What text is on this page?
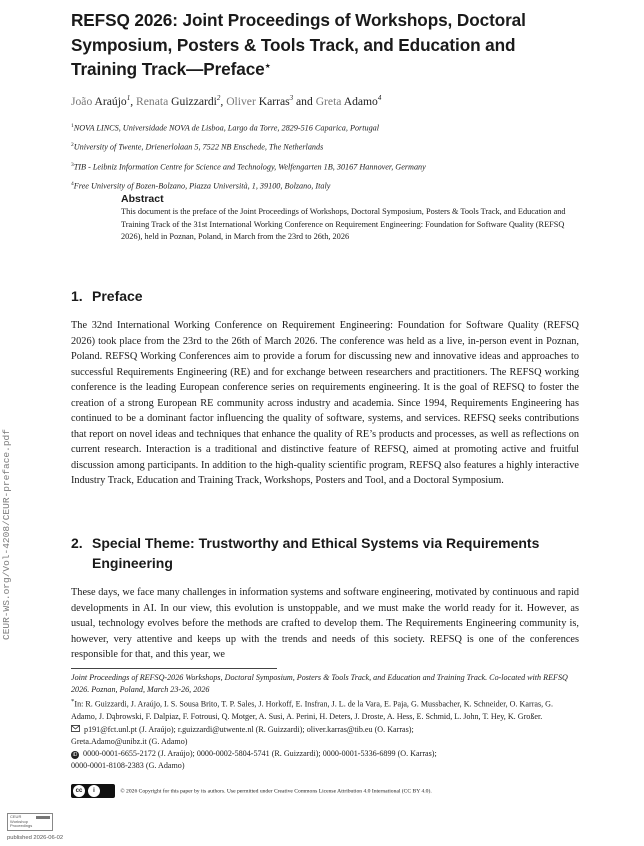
REFSQ 2026: Joint Proceedings of Workshops, Doctoral
Symposium, Posters & Tools Track, and Education and
Training Track—Preface⋆
João Araújo$^1$, Renata Guizzardi$^2$, Oliver Karras$^3$ and Greta Adamo$^4$
$^1$NOVA LINCS, Universidade NOVA de Lisboa, Largo da Torre, 2829-516 Caparica, Portugal
$^2$University of Twente, Drienerlolaan 5, 7522 NB Enschede, The Netherlands
$^3$TIB - Leibniz Information Centre for Science and Technology, Welfengarten 1B, 30167 Hannover, Germany
$^4$Free University of Bozen-Bolzano, Piazza Università, 1, 39100, Bolzano, Italy
Abstract

This document is the preface of the Joint Proceedings of Workshops, Doctoral Symposium, Posters & Tools Track, and Education and Training Track of the 31st International Working Conference on Requirement Engineering: Foundation for Software Quality (REFSQ 2026), held in Poznan, Poland, in March from the 23rd to 26th, 2026

1. Preface

The 32nd International Working Conference on Requirement Engineering: Foundation for Software Quality (REFSQ 2026) took place from the 23rd to the 26th of March 2026. The conference was held as a live, in-person event in Poznan, Poland. REFSQ Working Conferences aim to provide a forum for discussing new and innovative ideas and approaches to successful Requirements Engineering (RE) and for exchange between researchers and practitioners. The REFSQ working conference is the leading European conference series on requirements engineering. It is the goal of REFSQ to foster the creation of a strong European RE community across industry and academia. Since 1994, Requirements Engineering has continued to be a dominant factor influencing the quality of software, systems, and services. REFSQ seeks contributions that report on novel ideas and techniques that enhance the quality of RE’s products and processes, as well as reflections on current research. Interaction is a traditional and distinctive feature of REFSQ, aimed at promoting active and fruitful discussion among participants. In addition to the high-quality scientific program, REFSQ also features a highly interactive Industry Track, Education and Training Track, Workshops, Posters and Tool, and a Doctoral Symposium.

2. Special Theme: Trustworthy and Ethical Systems via Requirements Engineering

These days, we face many challenges in information systems and software engineering, motivated by continuous and rapid developments in AI. In our view, this evolution is unstoppable, and we must make the world ready for it. However, as usual, technology evolves before the methods are crafted to develop them. The Requirements Engineering community is, however, very attentive and keeps up with the trends and needs of this society. REFSQ is one of the conferences responsible for that, and this year, we

Joint Proceedings of REFSQ-2026 Workshops, Doctoral Symposium, Posters & Tools Track, and Education and Training Track. Co-located with REFSQ 2026. Poznan, Poland, March 23-26, 2026
*In: R. Guizzardi, J. Araújo, I. S. Sousa Brito, T. P. Sales, J. Horkoff, E. Insfran, J. L. de la Vara, E. Paja, G. Mussbacher, K. Schneider, O. Karras, G. Adamo, J. Dąbrowski, F. Dalpiaz, F. Fotrousi, Q. Motger, A. Susi, A. Perini, H. Deters, J. Droste, A. Hess, E. Schmid, L. John, T. Hey, K. Großer.
p191@fct.unl.pt (J. Araújo); r.guizzardi@utwente.nl (R. Guizzardi); oliver.karras@tib.eu (O. Karras);
Greta.Adamo@unibz.it (G. Adamo)
iD 0000-0001-6655-2172 (J. Araújo); 0000-0002-5804-5741 (R. Guizzardi); 0000-0001-5336-6899 (O. Karras);
0000-0001-8108-2383 (G. Adamo)
cc	i	© 2026 Copyright for this paper by its authors. Use permitted under Creative Commons License Attribution 4.0 International (CC BY 4.0).
CEUR-WS.org/Vol-4208/CEUR-preface.pdf
CEUR
Workshop
Proceedings
published 2026-06-02
